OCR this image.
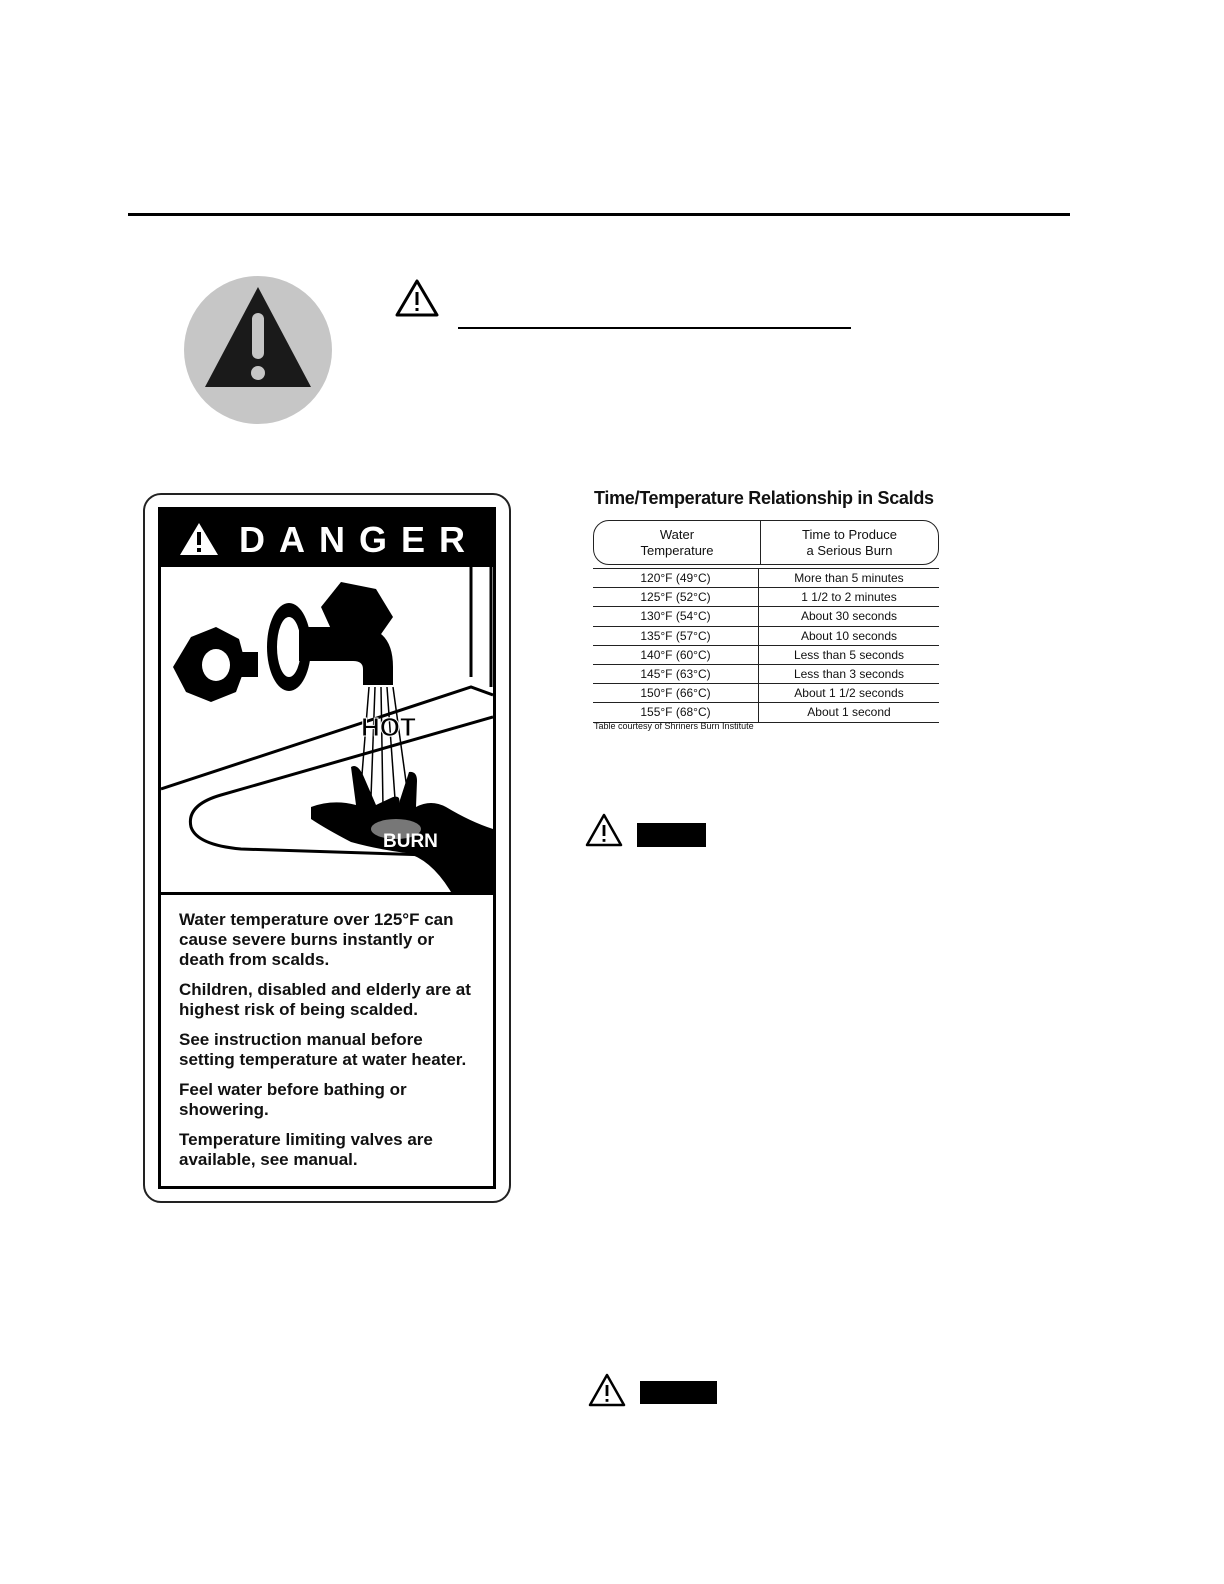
DANGER
HOT
BURN

Water temperature over 125°F can cause severe burns instantly or death from scalds.

Children, disabled and elderly are at highest risk of being scalded.

See instruction manual before setting temperature at water heater.

Feel water before bathing or showering.

Temperature limiting valves are available, see manual.

Time/Temperature Relationship in Scalds
Water
Temperature
Time to Produce
a Serious Burn
120°F (49°C)	More than 5 minutes
125°F (52°C)	1 1/2 to 2 minutes
130°F (54°C)	About 30 seconds
135°F (57°C)	About 10 seconds
140°F (60°C)	Less than 5 seconds
145°F (63°C)	Less than 3 seconds
150°F (66°C)	About 1 1/2 seconds
155°F (68°C)	About 1 second
Table courtesy of Shriners Burn Institute
